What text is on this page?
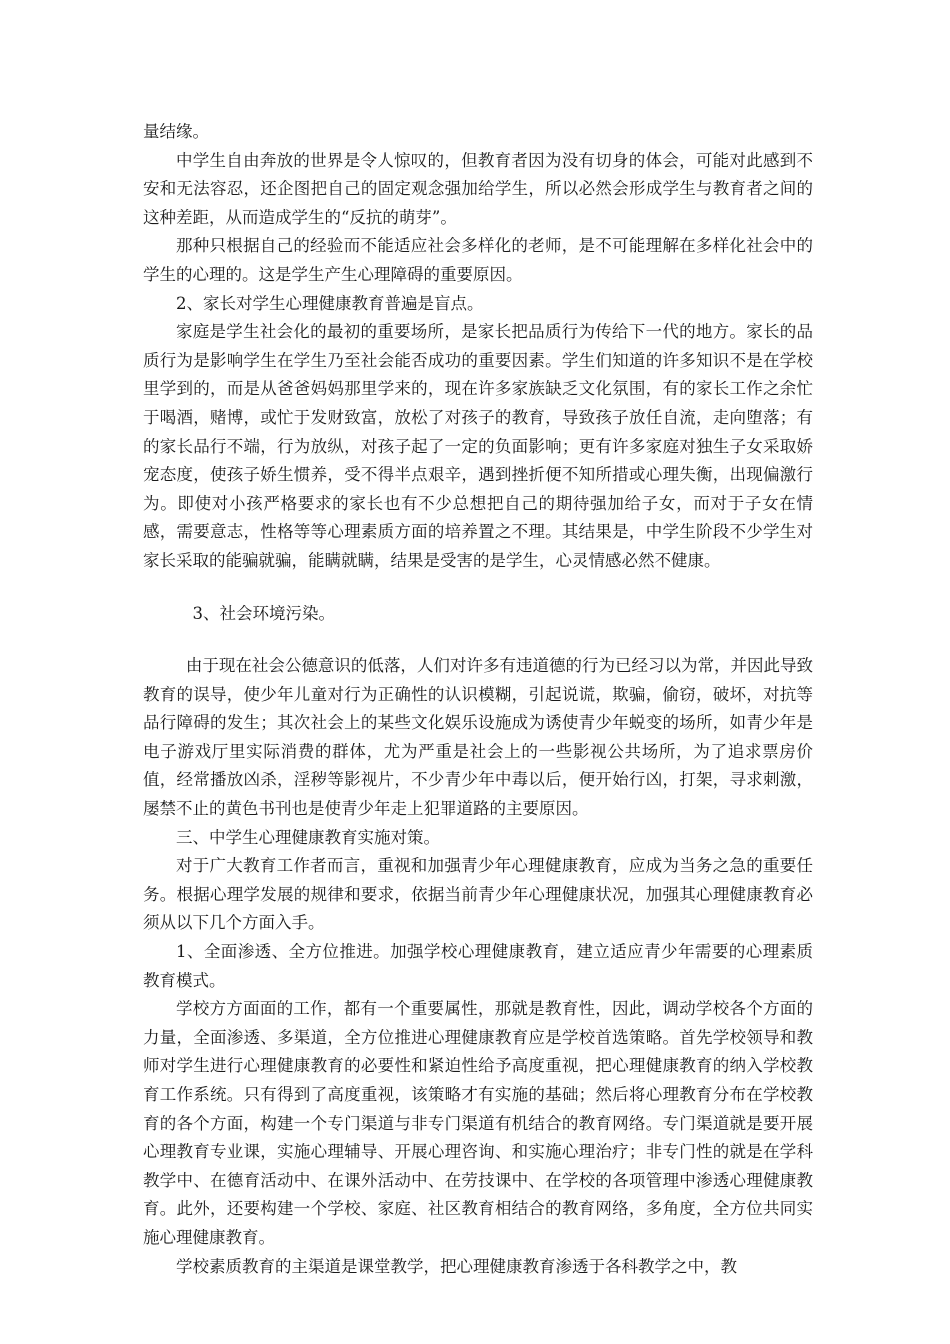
量结缘。

中学生自由奔放的世界是令人惊叹的，但教育者因为没有切身的体会，可能对此感到不安和无法容忍，还企图把自己的固定观念强加给学生，所以必然会形成学生与教育者之间的这种差距，从而造成学生的“反抗的萌芽”。

那种只根据自己的经验而不能适应社会多样化的老师，是不可能理解在多样化社会中的学生的心理的。这是学生产生心理障碍的重要原因。

2、家长对学生心理健康教育普遍是盲点。

家庭是学生社会化的最初的重要场所，是家长把品质行为传给下一代的地方。家长的品质行为是影响学生在学生乃至社会能否成功的重要因素。学生们知道的许多知识不是在学校里学到的，而是从爸爸妈妈那里学来的，现在许多家族缺乏文化氛围，有的家长工作之余忙于喝酒，赌博，或忙于发财致富，放松了对孩子的教育，导致孩子放任自流，走向堕落；有的家长品行不端，行为放纵，对孩子起了一定的负面影响；更有许多家庭对独生子女采取娇宠态度，使孩子娇生惯养，受不得半点艰辛，遇到挫折便不知所措或心理失衡，出现偏激行为。即使对小孩严格要求的家长也有不少总想把自己的期待强加给子女，而对于子女在情感，需要意志，性格等等心理素质方面的培养置之不理。其结果是，中学生阶段不少学生对家长采取的能骗就骗，能瞒就瞒，结果是受害的是学生，心灵情感必然不健康。

3、社会环境污染。

由于现在社会公德意识的低落，人们对许多有违道德的行为已经习以为常，并因此导致教育的误导，使少年儿童对行为正确性的认识模糊，引起说谎，欺骗，偷窃，破坏，对抗等品行障碍的发生；其次社会上的某些文化娱乐设施成为诱使青少年蜕变的场所，如青少年是电子游戏厅里实际消费的群体，尤为严重是社会上的一些影视公共场所，为了追求票房价值，经常播放凶杀，淫秽等影视片，不少青少年中毒以后，便开始行凶，打架，寻求刺激，屡禁不止的黄色书刊也是使青少年走上犯罪道路的主要原因。

三、中学生心理健康教育实施对策。

对于广大教育工作者而言，重视和加强青少年心理健康教育，应成为当务之急的重要任务。根据心理学发展的规律和要求，依据当前青少年心理健康状况，加强其心理健康教育必须从以下几个方面入手。

1、全面渗透、全方位推进。加强学校心理健康教育，建立适应青少年需要的心理素质教育模式。

学校方方面面的工作，都有一个重要属性，那就是教育性，因此，调动学校各个方面的力量，全面渗透、多渠道，全方位推进心理健康教育应是学校首选策略。首先学校领导和教师对学生进行心理健康教育的必要性和紧迫性给予高度重视，把心理健康教育的纳入学校教育工作系统。只有得到了高度重视，该策略才有实施的基础；然后将心理教育分布在学校教育的各个方面，构建一个专门渠道与非专门渠道有机结合的教育网络。专门渠道就是要开展心理教育专业课，实施心理辅导、开展心理咨询、和实施心理治疗；非专门性的就是在学科教学中、在德育活动中、在课外活动中、在劳技课中、在学校的各项管理中渗透心理健康教育。此外，还要构建一个学校、家庭、社区教育相结合的教育网络，多角度，全方位共同实施心理健康教育。

学校素质教育的主渠道是课堂教学，把心理健康教育渗透于各科教学之中，教
